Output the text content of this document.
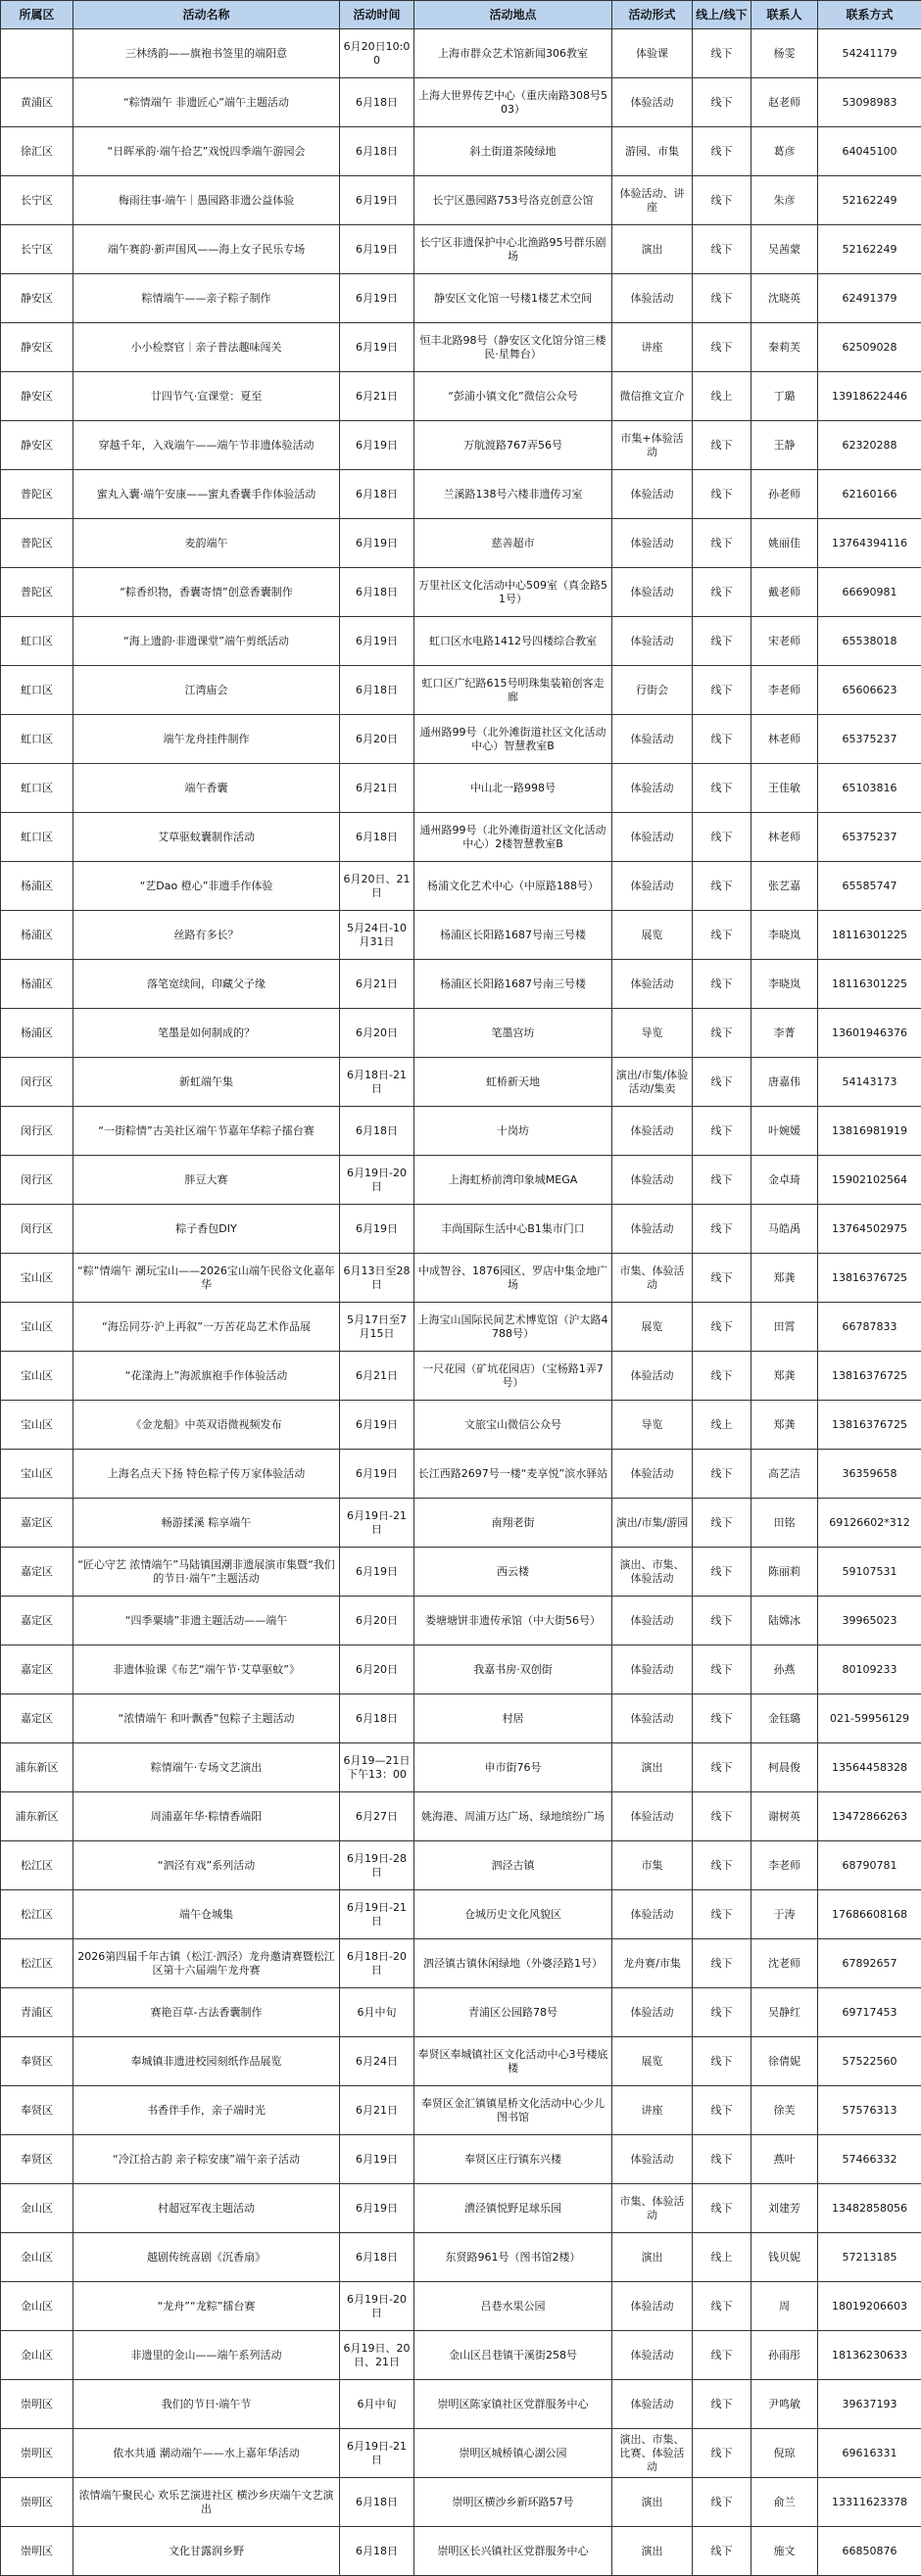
所属区	活动名称	活动时间	活动地点	活动形式	线上/线下	联系人	联系方式
	三林绣韵——旗袍书签里的端阳意	6月20日10:00	上海市群众艺术馆新闻306教室	体验课	线下	杨雯	54241179
黄浦区	“粽情端午 非遗匠心”端午主题活动	6月18日	上海大世界传艺中心（重庆南路308号503）	体验活动	线下	赵老师	53098983
徐汇区	“日晖承韵·端午拾艺”戏悦四季端午游园会	6月18日	斜土街道茶陵绿地	游园、市集	线下	葛彦	64045100
长宁区	梅雨往事·端午｜愚园路非遗公益体验	6月19日	长宁区愚园路753号洛克创意公馆	体验活动、讲座	线下	朱彦	52162249
长宁区	端午赛韵·新声国风——海上女子民乐专场	6月19日	长宁区非遗保护中心北渔路95号群乐剧场	演出	线下	吴茜蒙	52162249
静安区	粽情端午——亲子粽子制作	6月19日	静安区文化馆一号楼1楼艺术空间	体验活动	线下	沈晓英	62491379
静安区	小小检察官｜亲子普法趣味闯关	6月19日	恒丰北路98号（静安区文化馆分馆三楼民·星舞台）	讲座	线下	秦莉芙	62509028
静安区	廿四节气·宣课堂：夏至	6月21日	“彭浦小镇文化”微信公众号	微信推文宣介	线上	丁璐	13918622446
静安区	穿越千年，入戏端午——端午节非遗体验活动	6月19日	万航渡路767弄56号	市集+体验活动	线下	王静	62320288
普陀区	蜜丸入囊·端午安康——蜜丸香囊手作体验活动	6月18日	兰溪路138号六楼非遗传习室	体验活动	线下	孙老师	62160166
普陀区	麦韵端午	6月19日	慈善超市	体验活动	线下	姚丽佳	13764394116
普陀区	“粽香织物，香囊寄情”创意香囊制作	6月18日	万里社区文化活动中心509室（真金路51号）	体验活动	线下	戴老师	66690981
虹口区	“海上遗韵·非遗课堂”端午剪纸活动	6月19日	虹口区水电路1412号四楼综合教室	体验活动	线下	宋老师	65538018
虹口区	江湾庙会	6月18日	虹口区广纪路615号明珠集装箱创客走廊	行街会	线下	李老师	65606623
虹口区	端午龙舟挂件制作	6月20日	通州路99号（北外滩街道社区文化活动中心）智慧教室B	体验活动	线下	林老师	65375237
虹口区	端午香囊	6月21日	中山北一路998号	体验活动	线下	王佳敏	65103816
虹口区	艾草驱蚊囊制作活动	6月18日	通州路99号（北外滩街道社区文化活动中心）2楼智慧教室B	体验活动	线下	林老师	65375237
杨浦区	“艺Dao 橙心”非遗手作体验	6月20日、21日	杨浦文化艺术中心（中原路188号）	体验活动	线下	张艺嘉	65585747
杨浦区	丝路有多长？	5月24日-10月31日	杨浦区长阳路1687号南三号楼	展览	线下	李晓岚	18116301225
杨浦区	落笔宽续间，印藏父子缘	6月21日	杨浦区长阳路1687号南三号楼	体验活动	线下	李晓岚	18116301225
杨浦区	笔墨是如何制成的？	6月20日	笔墨宫坊	导览	线下	李菁	13601946376
闵行区	新虹端午集	6月18日-21日	虹桥新天地	演出/市集/体验活动/集卖	线下	唐嘉伟	54143173
闵行区	“一街粽情”古美社区端午节嘉年华粽子擂台赛	6月18日	十岗坊	体验活动	线下	叶婉媛	13816981919
闵行区	胖豆大赛	6月19日-20日	上海虹桥前湾印象城MEGA	体验活动	线下	金卓琦	15902102564
闵行区	粽子香包DIY	6月19日	丰尚国际生活中心B1集市门口	体验活动	线下	马皓禹	13764502975
宝山区	“粽”情端午 潮玩宝山——2026宝山端午民俗文化嘉年华	6月13日至28日	中成智谷、1876园区、罗店中集金地广场	市集、体验活动	线下	郑龚	13816376725
宝山区	“海岳同芬·沪上再叙”一万苦花岛艺术作品展	5月17日至7月15日	上海宝山国际民间艺术博览馆（沪太路4788号）	展览	线下	田霄	66787833
宝山区	“花漾海上”海派旗袍手作体验活动	6月21日	一尺花园（矿坑花园店）（宝杨路1弄7号）	体验活动	线下	郑龚	13816376725
宝山区	《金龙船》中英双语微视频发布	6月19日	文旅宝山微信公众号	导览	线上	郑龚	13816376725
宝山区	上海名点天下扬 特色粽子传万家体验活动	6月19日	长江西路2697号一楼“麦享悦”滨水驿站	体验活动	线下	高艺洁	36359658
嘉定区	畅游揉溪 粽享端午	6月19日-21日	南翔老街	演出/市集/游园	线下	田铭	69126602*312
嘉定区	“匠心守艺 浓情端午”马陆镇国潮非遗展演市集暨“我们的节日·端午”主题活动	6月19日	西云楼	演出、市集、体验活动	线下	陈丽莉	59107531
嘉定区	“四季粟墙”非遗主题活动——端午	6月20日	娄塘塘饼非遗传承馆（中大街56号）	体验活动	线下	陆嫦冰	39965023
嘉定区	非遗体验课《布艺“端午节·艾草驱蚊”》	6月20日	我嘉书房·双创街	体验活动	线下	孙燕	80109233
嘉定区	“浓情端午 和叶飘香”包粽子主题活动	6月18日	村居	体验活动	线下	金钰璐	021-59956129
浦东新区	粽情端午·专场文艺演出	6月19—21日下午13：00	申市街76号	演出	线下	柯晨俊	13564458328
浦东新区	周浦嘉年华·粽情香端阳	6月27日	姚海港、周浦万达广场、绿地缤纷广场	体验活动	线下	谢树英	13472866263
松江区	“泗泾有戏”系列活动	6月19日-28日	泗泾古镇	市集	线下	李老师	68790781
松江区	端午仓城集	6月19日-21日	仓城历史文化风貌区	体验活动	线下	于涛	17686608168
松江区	2026第四届千年古镇（松江·泗泾）龙舟邀请赛暨松江区第十六届端午龙舟赛	6月18日-20日	泗泾镇古镇休闲绿地（外婆泾路1号）	龙舟赛/市集	线下	沈老师	67892657
青浦区	赛艳百草-古法香囊制作	6月中旬	青浦区公园路78号	体验活动	线下	吴静红	69717453
奉贤区	奉城镇非遗进校园刻纸作品展览	6月24日	奉贤区奉城镇社区文化活动中心3号楼底楼	展览	线下	徐倩妮	57522560
奉贤区	书香伴手作，亲子端时光	6月21日	奉贤区金汇镇镇星桥文化活动中心少儿图书馆	讲座	线下	徐芙	57576313
奉贤区	“冷江拾古韵 亲子粽安康”端午亲子活动	6月19日	奉贤区庄行镇东兴楼	体验活动	线下	燕叶	57466332
金山区	村超冠军夜主题活动	6月19日	漕泾镇悦野足球乐园	市集、体验活动	线下	刘建芳	13482858056
金山区	越剧传统喜剧《沉香扇》	6月18日	东贤路961号（图书馆2楼）	演出	线上	钱贝妮	57213185
金山区	“龙舟”“龙粽”擂台赛	6月19日-20日	吕巷水果公园	体验活动	线下	周	18019206603
金山区	非遗里的金山——端午系列活动	6月19日、20日、21日	金山区吕巷镇干溪街258号	体验活动	线下	孙雨彤	18136230633
崇明区	我们的节日·端午节	6月中旬	崇明区陈家镇社区党群服务中心	体验活动	线下	尹鸣敏	39637193
崇明区	侬水共通 潮动端午——水上嘉年华活动	6月19日-21日	崇明区城桥镇心湖公园	演出、市集、比赛、体验活动	线下	倪琼	69616331
崇明区	浓情端午聚民心 欢乐艺演进社区 横沙乡庆端午文艺演出	6月18日	崇明区横沙乡新环路57号	演出	线下	俞兰	13311623378
崇明区	文化甘露润乡野	6月18日	崇明区长兴镇社区党群服务中心	演出	线下	施文	66850876
